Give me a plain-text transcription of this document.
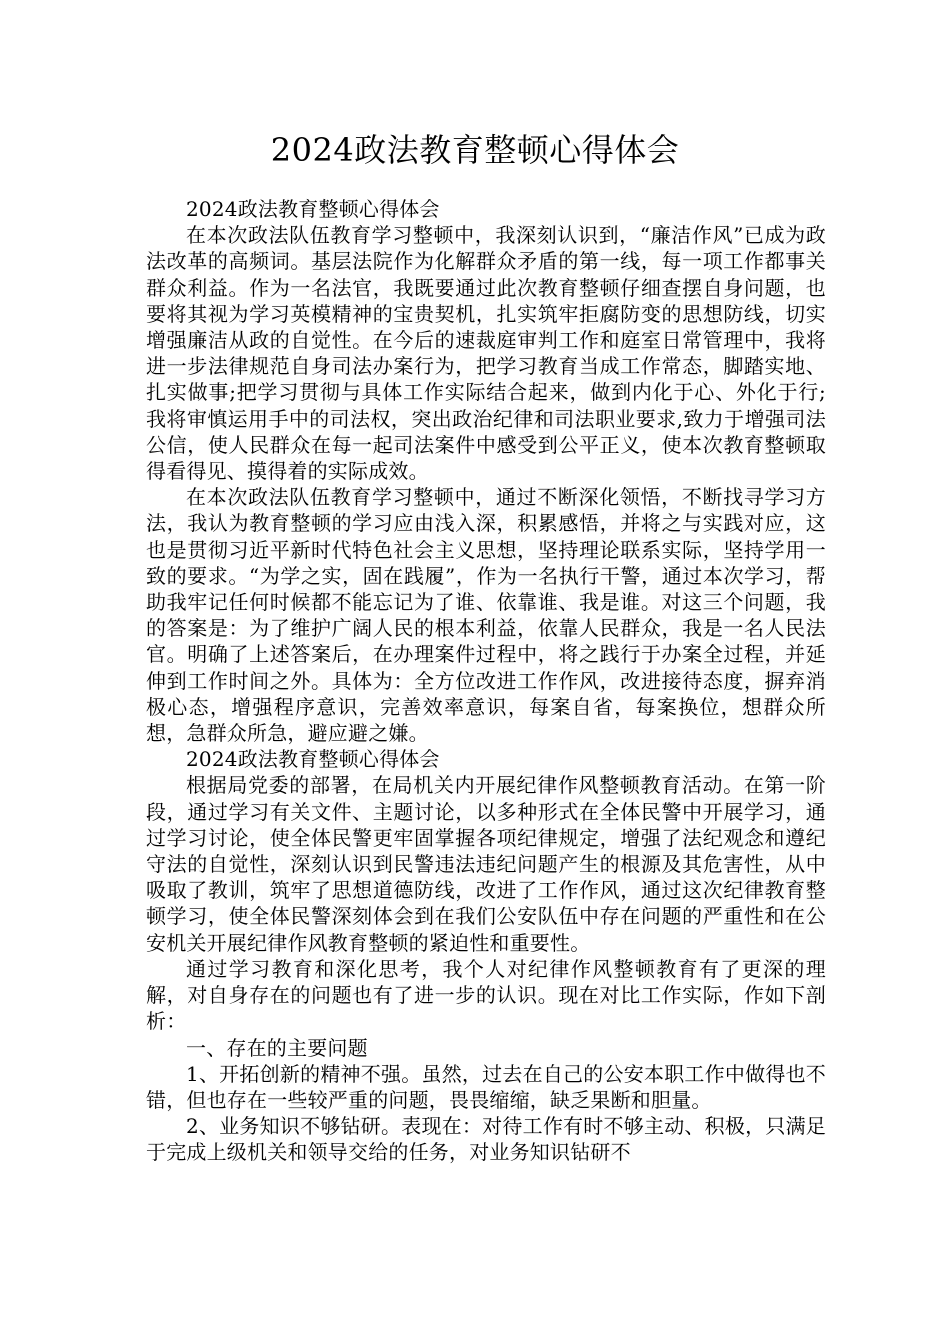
2024政法教育整顿心得体会

2024政法教育整顿心得体会

在本次政法队伍教育学习整顿中，我深刻认识到，“廉洁作风”已成为政法改革的高频词。基层法院作为化解群众矛盾的第一线，每一项工作都事关群众利益。作为一名法官，我既要通过此次教育整顿仔细查摆自身问题，也要将其视为学习英模精神的宝贵契机，扎实筑牢拒腐防变的思想防线，切实增强廉洁从政的自觉性。在今后的速裁庭审判工作和庭室日常管理中，我将进一步法律规范自身司法办案行为，把学习教育当成工作常态，脚踏实地、扎实做事;把学习贯彻与具体工作实际结合起来，做到内化于心、外化于行;我将审慎运用手中的司法权，突出政治纪律和司法职业要求,致力于增强司法公信，使人民群众在每一起司法案件中感受到公平正义，使本次教育整顿取得看得见、摸得着的实际成效。

在本次政法队伍教育学习整顿中，通过不断深化领悟，不断找寻学习方法，我认为教育整顿的学习应由浅入深，积累感悟，并将之与实践对应，这也是贯彻习近平新时代特色社会主义思想，坚持理论联系实际，坚持学用一致的要求。“为学之实，固在践履”，作为一名执行干警，通过本次学习，帮助我牢记任何时候都不能忘记为了谁、依靠谁、我是谁。对这三个问题，我的答案是：为了维护广阔人民的根本利益，依靠人民群众，我是一名人民法官。明确了上述答案后，在办理案件过程中，将之践行于办案全过程，并延伸到工作时间之外。具体为：全方位改进工作作风，改进接待态度，摒弃消极心态，增强程序意识，完善效率意识，每案自省，每案换位，想群众所想，急群众所急，避应避之嫌。

2024政法教育整顿心得体会

根据局党委的部署，在局机关内开展纪律作风整顿教育活动。在第一阶段，通过学习有关文件、主题讨论，以多种形式在全体民警中开展学习，通过学习讨论，使全体民警更牢固掌握各项纪律规定，增强了法纪观念和遵纪守法的自觉性，深刻认识到民警违法违纪问题产生的根源及其危害性，从中吸取了教训，筑牢了思想道德防线，改进了工作作风，通过这次纪律教育整顿学习，使全体民警深刻体会到在我们公安队伍中存在问题的严重性和在公安机关开展纪律作风教育整顿的紧迫性和重要性。

通过学习教育和深化思考，我个人对纪律作风整顿教育有了更深的理解，对自身存在的问题也有了进一步的认识。现在对比工作实际，作如下剖析：

一、存在的主要问题

1、开拓创新的精神不强。虽然，过去在自己的公安本职工作中做得也不错，但也存在一些较严重的问题，畏畏缩缩，缺乏果断和胆量。

2、业务知识不够钻研。表现在：对待工作有时不够主动、积极，只满足于完成上级机关和领导交给的任务，对业务知识钻研不
